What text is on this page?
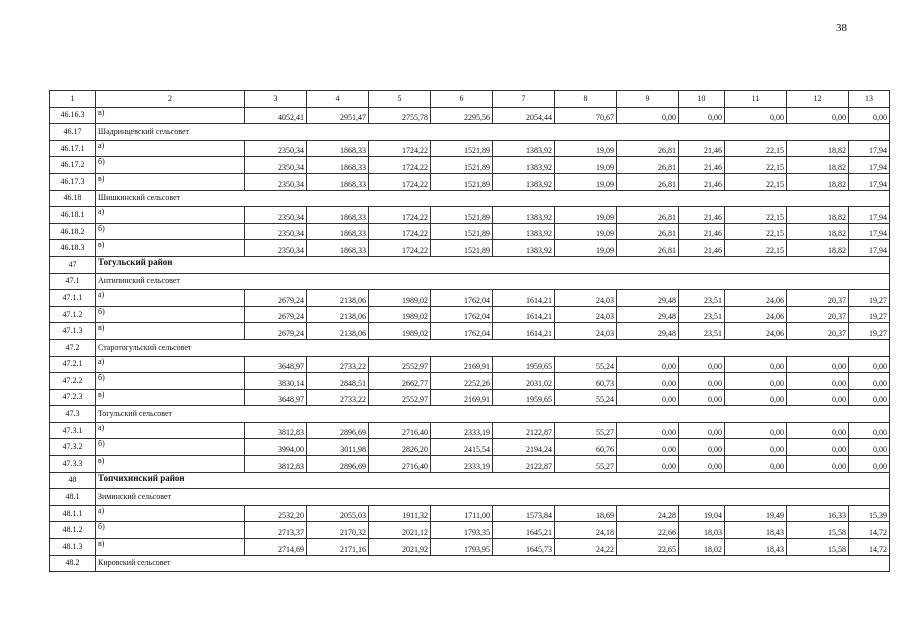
38
1	2	3	4	5	6	7	8	9	10	11	12	13
46.16.3	в)	4052,41	2951,47	2755,78	2295,56	2054,44	70,67	0,00	0,00	0,00	0,00	0,00
46.17	Шадринцевский сельсовет											
46.17.1	а)	2350,34	1868,33	1724,22	1521,89	1383,92	19,09	26,81	21,46	22,15	18,82	17,94
46.17.2	б)	2350,34	1868,33	1724,22	1521,89	1383,92	19,09	26,81	21,46	22,15	18,82	17,94
46.17.3	в)	2350,34	1868,33	1724,22	1521,89	1383,92	19,09	26,81	21,46	22,15	18,82	17,94
46.18	Шишкинский сельсовет											
46.18.1	а)	2350,34	1868,33	1724,22	1521,89	1383,92	19,09	26,81	21,46	22,15	18,82	17,94
46.18.2	б)	2350,34	1868,33	1724,22	1521,89	1383,92	19,09	26,81	21,46	22,15	18,82	17,94
46.18.3	в)	2350,34	1868,33	1724,22	1521,89	1383,92	19,09	26,81	21,46	22,15	18,82	17,94
47	Тогульский район											
47.1	Антипинский сельсовет											
47.1.1	а)	2679,24	2138,06	1989,02	1762,04	1614,21	24,03	29,48	23,51	24,06	20,37	19,27
47.1.2	б)	2679,24	2138,06	1989,02	1762,04	1614,21	24,03	29,48	23,51	24,06	20,37	19,27
47.1.3	в)	2679,24	2138,06	1989,02	1762,04	1614,21	24,03	29,48	23,51	24,06	20,37	19,27
47.2	Старотогульский сельсовет											
47.2.1	а)	3648,97	2733,22	2552,97	2169,91	1959,65	55,24	0,00	0,00	0,00	0,00	0,00
47.2.2	б)	3830,14	2848,51	2662,77	2252,26	2031,02	60,73	0,00	0,00	0,00	0,00	0,00
47.2.3	в)	3648,97	2733,22	2552,97	2169,91	1959,65	55,24	0,00	0,00	0,00	0,00	0,00
47.3	Тогульский сельсовет											
47.3.1	а)	3812,83	2896,69	2716,40	2333,19	2122,87	55,27	0,00	0,00	0,00	0,00	0,00
47.3.2	б)	3994,00	3011,98	2826,20	2415,54	2194,24	60,76	0,00	0,00	0,00	0,00	0,00
47.3.3	в)	3812,83	2896,69	2716,40	2333,19	2122,87	55,27	0,00	0,00	0,00	0,00	0,00
48	Топчихинский район											
48.1	Зиминский сельсовет											
48.1.1	а)	2532,20	2055,03	1911,32	1711,00	1573,84	18,69	24,28	19,04	19,49	16,33	15,39
48.1.2	б)	2713,37	2170,32	2021,12	1793,35	1645,21	24,18	22,66	18,03	18,43	15,58	14,72
48.1.3	в)	2714,69	2171,16	2021,92	1793,95	1645,73	24,22	22,65	18,02	18,43	15,58	14,72
48.2	Кировский сельсовет											
